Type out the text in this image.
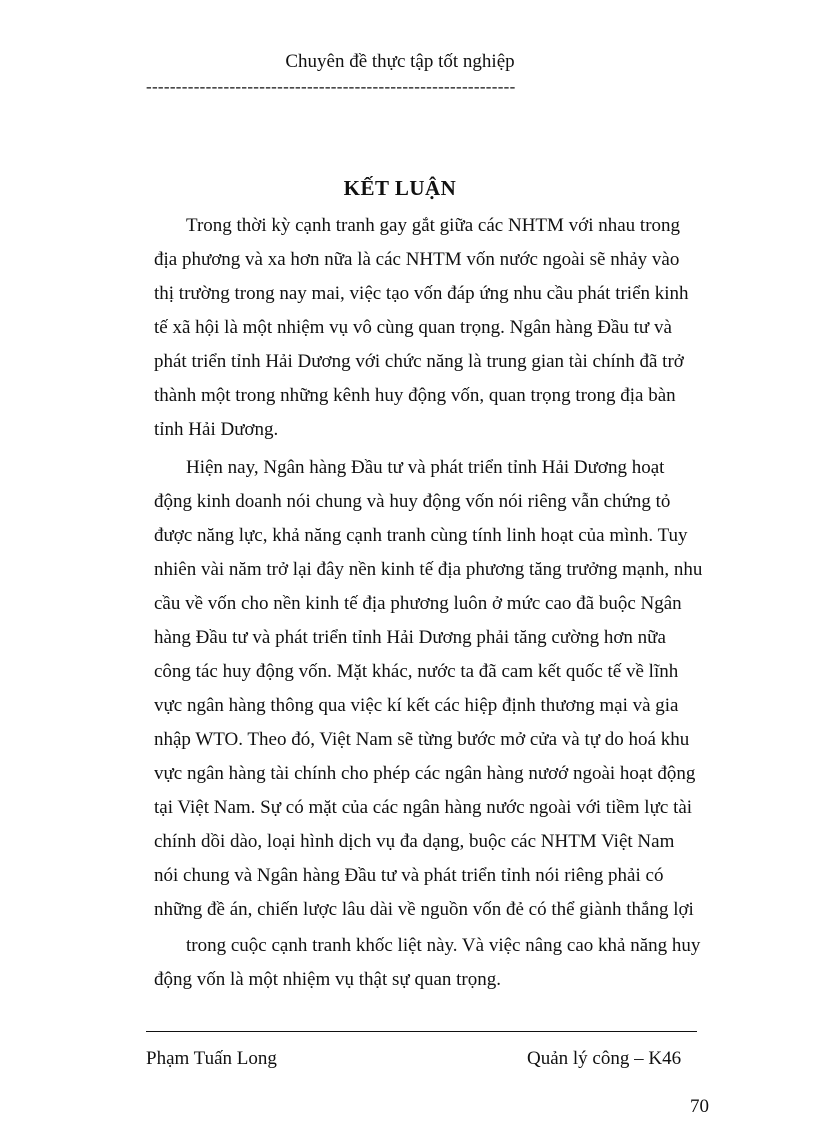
Chuyên đề thực tập tốt nghiệp
--------------------------------------------------------------
KẾT LUẬN
Trong thời kỳ cạnh tranh gay gắt giữa các NHTM với nhau trong
địa phương và xa hơn nữa là các NHTM vốn nước ngoài sẽ nhảy vào
thị trường trong nay mai, việc tạo vốn đáp ứng nhu cầu phát triển kinh
tế xã hội là một nhiệm vụ vô cùng quan trọng. Ngân hàng Đầu tư và
phát triển tỉnh Hải Dương với chức năng là trung gian tài chính đã trở
thành một trong những kênh huy động vốn, quan trọng trong địa bàn
tỉnh Hải Dương.
Hiện nay, Ngân hàng Đầu tư và phát triển tỉnh Hải Dương hoạt
động kinh doanh nói chung và huy động vốn nói riêng vẫn chứng tỏ
được năng lực, khả năng cạnh tranh cùng tính linh hoạt của mình. Tuy
nhiên vài năm trở lại đây nền kinh tế địa phương tăng trưởng mạnh, nhu
cầu về vốn cho nền kinh tế địa phương luôn ở mức cao đã buộc Ngân
hàng Đầu tư và phát triển tỉnh Hải Dương phải tăng cường hơn nữa
công tác huy động vốn. Mặt khác, nước ta đã cam kết quốc tế về lĩnh
vực ngân hàng thông qua việc kí kết các hiệp định thương mại và gia
nhập WTO. Theo đó, Việt Nam sẽ từng bước mở cửa và tự do hoá khu
vực ngân hàng tài chính cho phép các ngân hàng nươớ ngoài hoạt động
tại Việt Nam. Sự có mặt của các ngân hàng nước ngoài với tiềm lực tài
chính dồi dào, loại hình dịch vụ đa dạng, buộc các NHTM Việt Nam
nói chung và Ngân hàng Đầu tư và phát triển tỉnh nói riêng phải có
những đề án, chiến lược lâu dài về nguồn vốn đẻ có thể giành thắng lợi
trong cuộc cạnh tranh khốc liệt này. Và việc nâng cao khả năng huy
động vốn là một nhiệm vụ thật sự quan trọng.
Phạm Tuấn Long	Quản lý công – K46
70
